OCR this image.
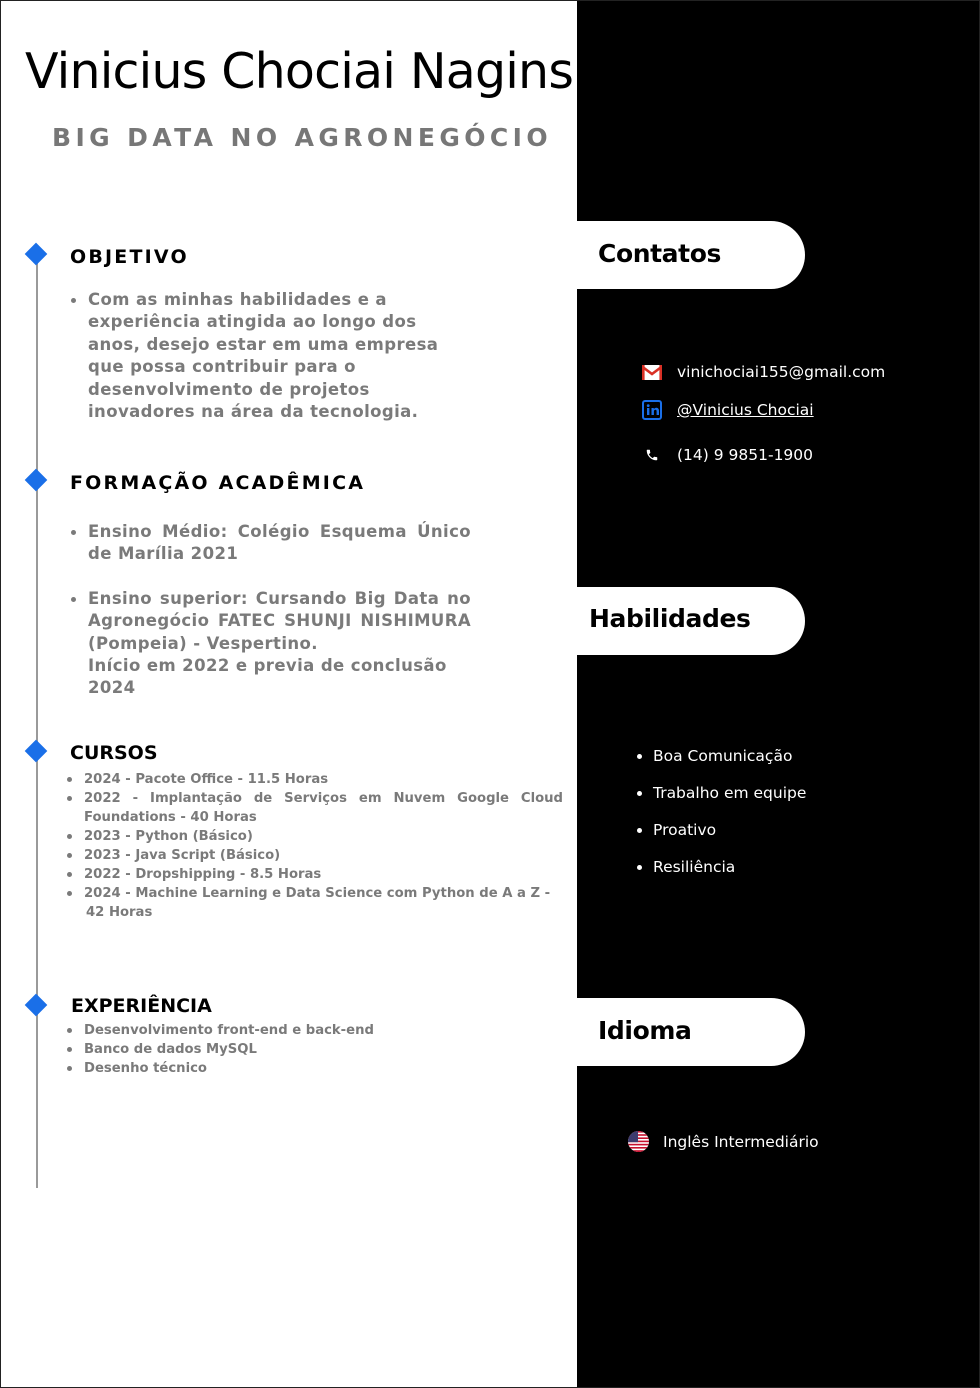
Vinicius Chociai Naginski
BIG DATA NO AGRONEGÓCIO
OBJETIVO
Com as minhas habilidades e a experiência atingida ao longo dos anos, desejo estar em uma empresa que possa contribuir para o desenvolvimento de projetos inovadores na área da tecnologia.
FORMAÇÃO ACADÊMICA
Ensino Médio: Colégio Esquema Único de Marília 2021
Ensino superior: Cursando Big Data no Agronegócio FATEC SHUNJI NISHIMURA (Pompeia) - Vespertino.
Início em 2022 e previa de conclusão 2024
CURSOS
2024 - Pacote Office - 11.5 Horas
2022 - Implantação de Serviços em Nuvem Google Cloud Foundations - 40 Horas
2023 - Python (Básico)
2023 - Java Script (Básico)
2022 - Dropshipping - 8.5 Horas
2024 - Machine Learning e Data Science com Python de A a Z -
42 Horas
EXPERIÊNCIA
Desenvolvimento front-end e back-end
Banco de dados MySQL
Desenho técnico
Contatos
vinichociai155@gmail.com
@Vinicius Chociai
(14) 9 9851-1900
Habilidades
Boa Comunicação
Trabalho em equipe
Proativo
Resiliência
Idioma
Inglês Intermediário
